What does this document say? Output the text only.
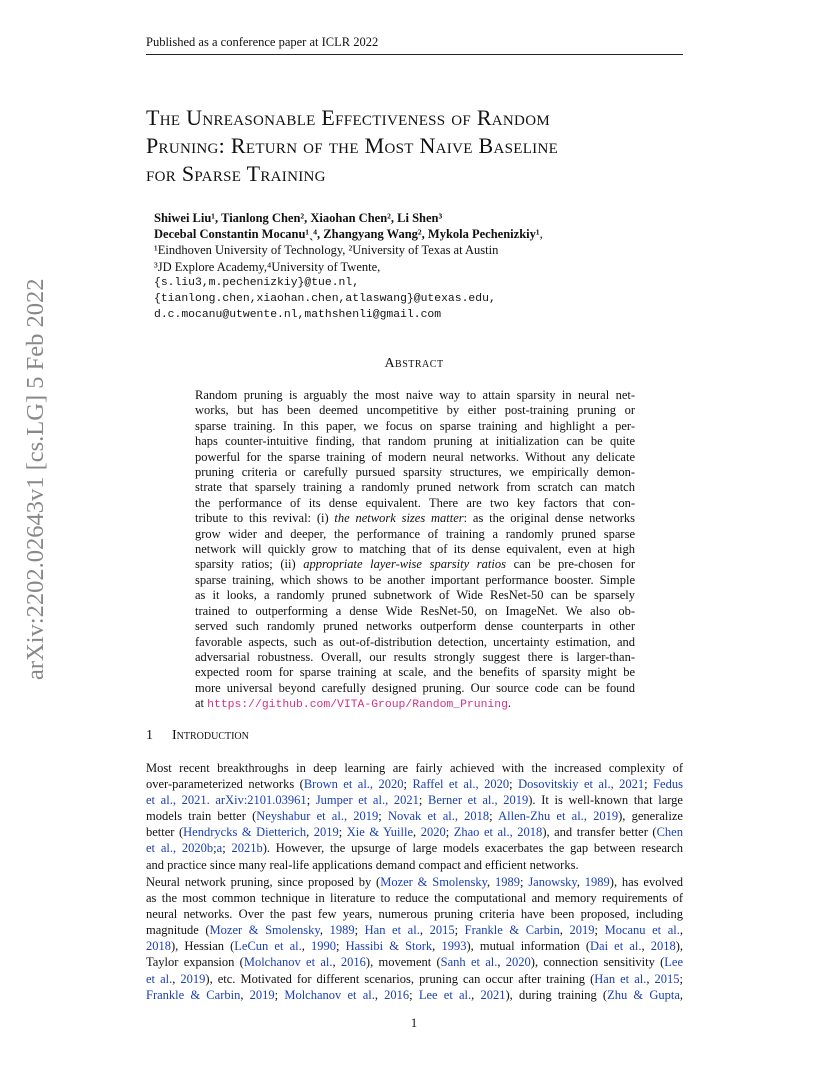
Published as a conference paper at ICLR 2022
arXiv:2202.02643v1 [cs.LG] 5 Feb 2022
The Unreasonable Effectiveness of Random
Pruning: Return of the Most Naive Baseline
for Sparse Training
Shiwei Liu¹, Tianlong Chen², Xiaohan Chen², Li Shen³
Decebal Constantin Mocanu¹ˎ⁴, Zhangyang Wang², Mykola Pechenizkiy¹,
¹Eindhoven University of Technology, ²University of Texas at Austin
³JD Explore Academy,⁴University of Twente,
{s.liu3,m.pechenizkiy}@tue.nl,
{tianlong.chen,xiaohan.chen,atlaswang}@utexas.edu,
d.c.mocanu@utwente.nl,mathshenli@gmail.com
Abstract
Random pruning is arguably the most naive way to attain sparsity in neural net-
works, but has been deemed uncompetitive by either post-training pruning or
sparse training. In this paper, we focus on sparse training and highlight a per-
haps counter-intuitive finding, that random pruning at initialization can be quite
powerful for the sparse training of modern neural networks. Without any delicate
pruning criteria or carefully pursued sparsity structures, we empirically demon-
strate that sparsely training a randomly pruned network from scratch can match
the performance of its dense equivalent. There are two key factors that con-
tribute to this revival: (i) the network sizes matter: as the original dense networks
grow wider and deeper, the performance of training a randomly pruned sparse
network will quickly grow to matching that of its dense equivalent, even at high
sparsity ratios; (ii) appropriate layer-wise sparsity ratios can be pre-chosen for
sparse training, which shows to be another important performance booster. Simple
as it looks, a randomly pruned subnetwork of Wide ResNet-50 can be sparsely
trained to outperforming a dense Wide ResNet-50, on ImageNet. We also ob-
served such randomly pruned networks outperform dense counterparts in other
favorable aspects, such as out-of-distribution detection, uncertainty estimation, and
adversarial robustness. Overall, our results strongly suggest there is larger-than-
expected room for sparse training at scale, and the benefits of sparsity might be
more universal beyond carefully designed pruning. Our source code can be found
at https://github.com/VITA-Group/Random_Pruning.
1 Introduction
Most recent breakthroughs in deep learning are fairly achieved with the increased complexity of
over-parameterized networks (Brown et al., 2020; Raffel et al., 2020; Dosovitskiy et al., 2021; Fedus
et al., 2021. arXiv:2101.03961; Jumper et al., 2021; Berner et al., 2019). It is well-known that large
models train better (Neyshabur et al., 2019; Novak et al., 2018; Allen-Zhu et al., 2019), generalize
better (Hendrycks & Dietterich, 2019; Xie & Yuille, 2020; Zhao et al., 2018), and transfer better (Chen
et al., 2020b;a; 2021b). However, the upsurge of large models exacerbates the gap between research
and practice since many real-life applications demand compact and efficient networks.
Neural network pruning, since proposed by (Mozer & Smolensky, 1989; Janowsky, 1989), has evolved
as the most common technique in literature to reduce the computational and memory requirements of
neural networks. Over the past few years, numerous pruning criteria have been proposed, including
magnitude (Mozer & Smolensky, 1989; Han et al., 2015; Frankle & Carbin, 2019; Mocanu et al.,
2018), Hessian (LeCun et al., 1990; Hassibi & Stork, 1993), mutual information (Dai et al., 2018),
Taylor expansion (Molchanov et al., 2016), movement (Sanh et al., 2020), connection sensitivity (Lee
et al., 2019), etc. Motivated for different scenarios, pruning can occur after training (Han et al., 2015;
Frankle & Carbin, 2019; Molchanov et al., 2016; Lee et al., 2021), during training (Zhu & Gupta,
1
